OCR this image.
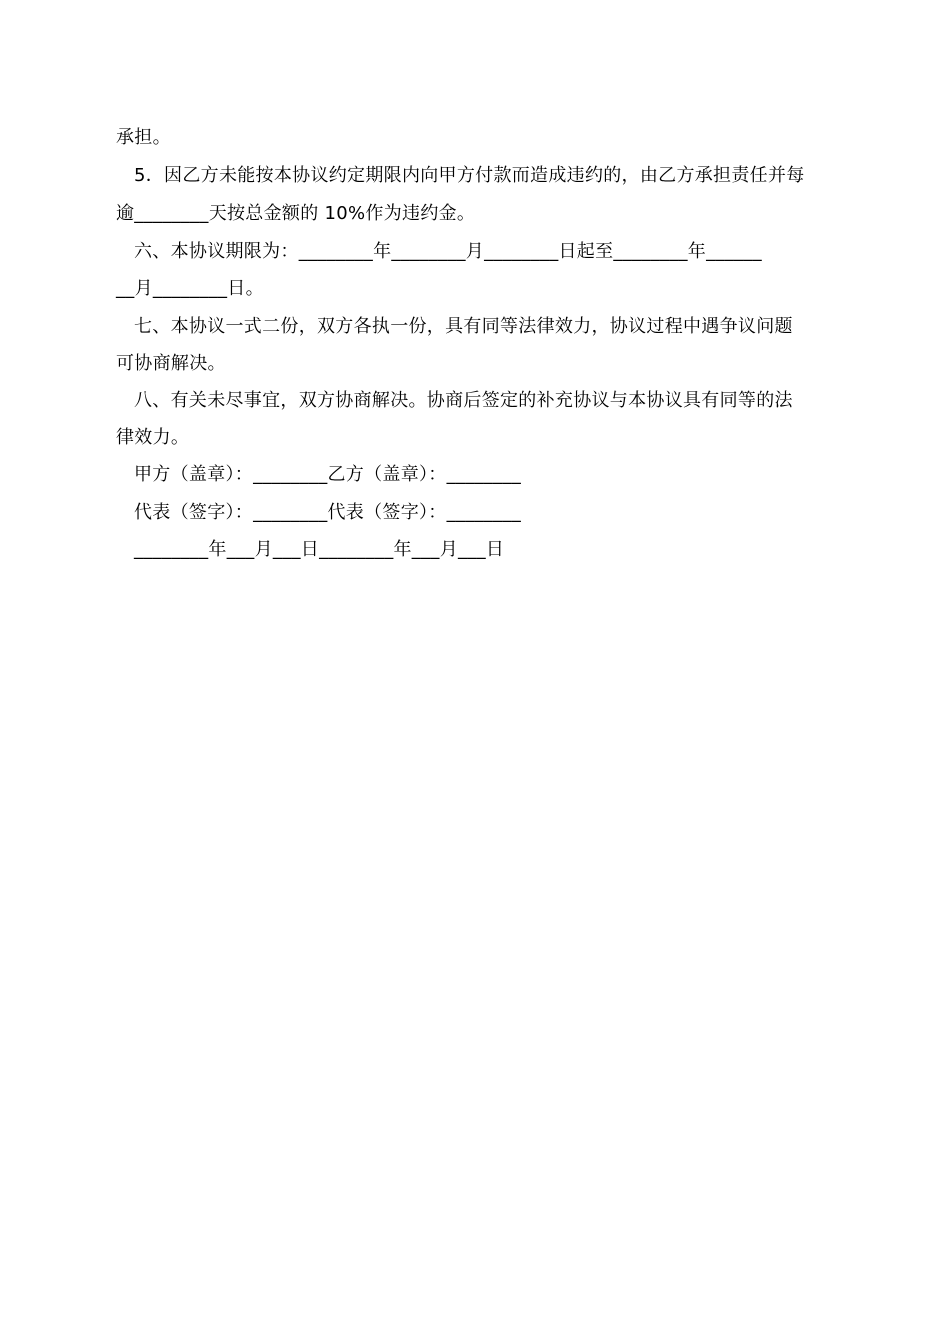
承担。
5．因乙方未能按本协议约定期限内向甲方付款而造成违约的，由乙方承担责任并每
逾________天按总金额的 10%作为违约金。
六、本协议期限为：________年________月________日起至________年______
__月________日。
七、本协议一式二份，双方各执一份，具有同等法律效力，协议过程中遇争议问题
可协商解决。
八、有关未尽事宜，双方协商解决。协商后签定的补充协议与本协议具有同等的法
律效力。
甲方（盖章）：________乙方（盖章）：________
代表（签字）：________代表（签字）：________
________年___月___日________年___月___日
